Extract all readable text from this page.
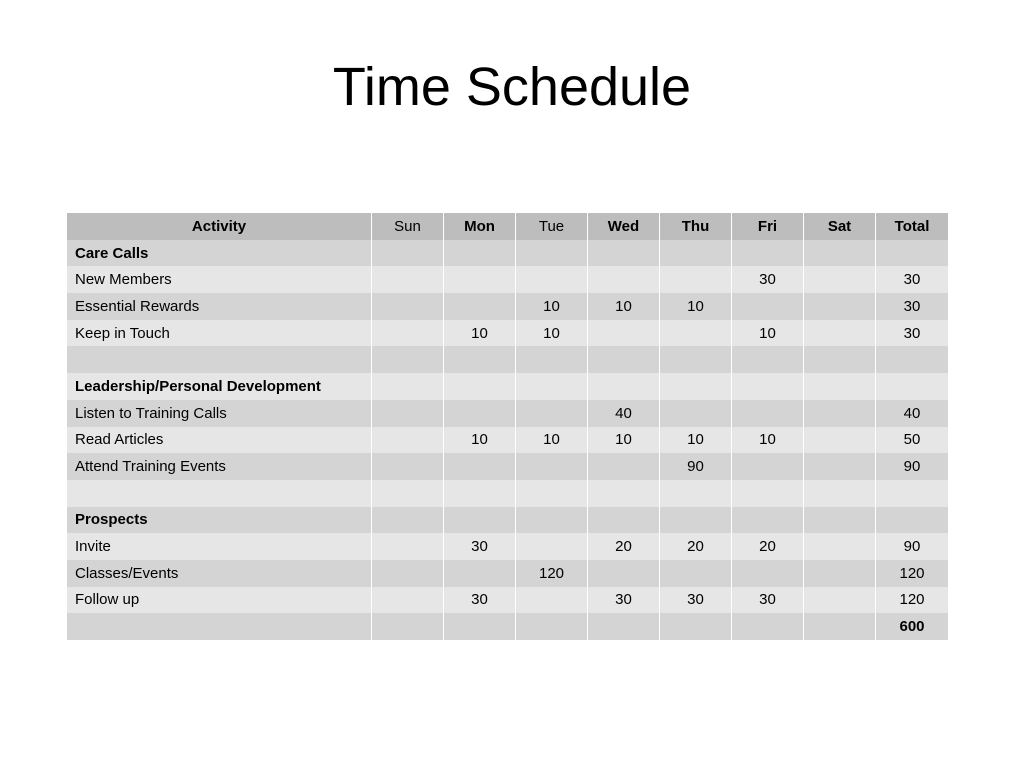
Time Schedule
Activity	Sun	Mon	Tue	Wed	Thu	Fri	Sat	Total
Care Calls								
New Members						30		30
Essential Rewards			10	10	10			30
Keep in Touch		10	10			10		30

Leadership/Personal Development								
Listen to Training Calls				40				40
Read Articles		10	10	10	10	10		50
Attend Training Events					90			90

Prospects								
Invite		30		20	20	20		90
Classes/Events			120					120
Follow up		30		30	30	30		120
								600
